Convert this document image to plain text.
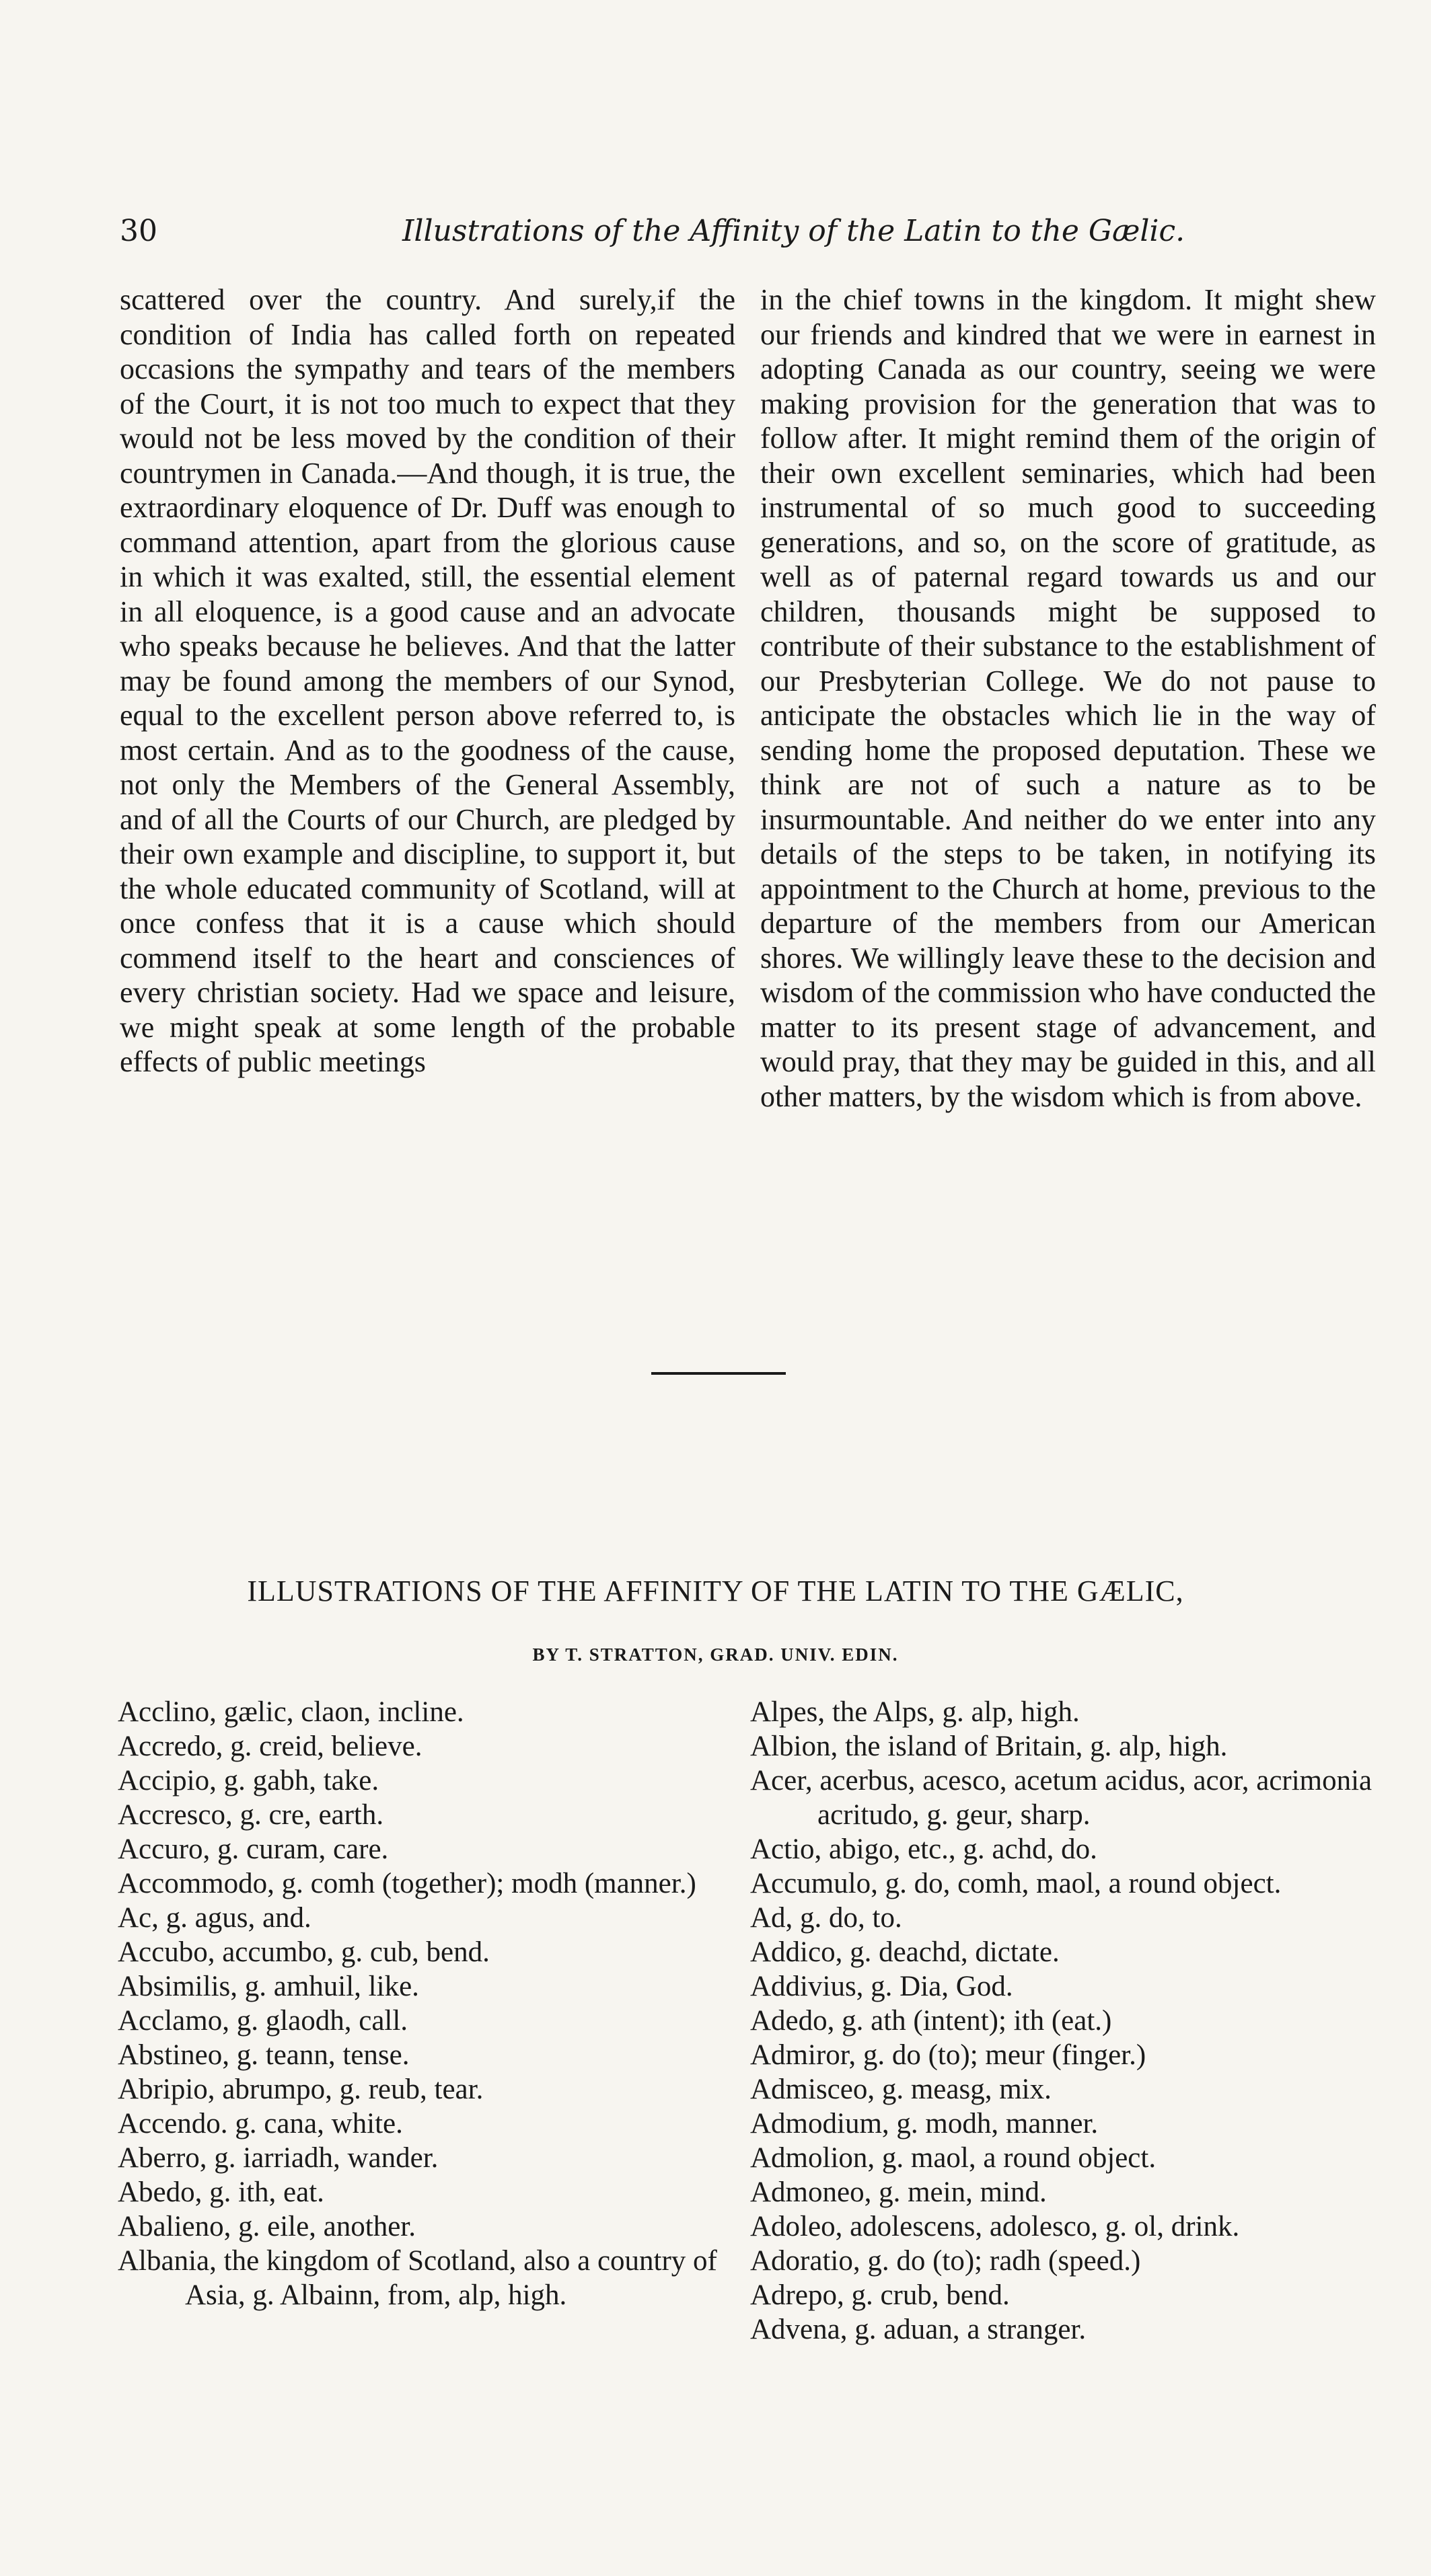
30	Illustrations of the Affinity of the Latin to the Gælic.

scattered over the country. And surely,if the condition of India has called forth on repeated occasions the sympathy and tears of the members of the Court, it is not too much to expect that they would not be less moved by the condition of their countrymen in Canada.—And though, it is true, the extraordinary eloquence of Dr. Duff was enough to command attention, apart from the glorious cause in which it was exalted, still, the essential element in all eloquence, is a good cause and an advocate who speaks because he believes. And that the latter may be found among the members of our Synod, equal to the excellent person above referred to, is most certain. And as to the goodness of the cause, not only the Members of the General Assembly, and of all the Courts of our Church, are pledged by their own example and discipline, to support it, but the whole educated community of Scotland, will at once confess that it is a cause which should commend itself to the heart and consciences of every christian society. Had we space and leisure, we might speak at some length of the probable effects of public meetings

in the chief towns in the kingdom. It might shew our friends and kindred that we were in earnest in adopting Canada as our country, seeing we were making provision for the generation that was to follow after. It might remind them of the origin of their own excellent seminaries, which had been instrumental of so much good to succeeding generations, and so, on the score of gratitude, as well as of paternal regard towards us and our children, thousands might be supposed to contribute of their substance to the establishment of our Presbyterian College. We do not pause to anticipate the obstacles which lie in the way of sending home the proposed deputation. These we think are not of such a nature as to be insurmountable. And neither do we enter into any details of the steps to be taken, in notifying its appointment to the Church at home, previous to the departure of the members from our American shores. We willingly leave these to the decision and wisdom of the commission who have conducted the matter to its present stage of advancement, and would pray, that they may be guided in this, and all other matters, by the wisdom which is from above.

ILLUSTRATIONS OF THE AFFINITY OF THE LATIN TO THE GÆLIC,
BY T. STRATTON, GRAD. UNIV. EDIN.
Acclino, gælic, claon, incline.
Accredo, g. creid, believe.
Accipio, g. gabh, take.
Accresco, g. cre, earth.
Accuro, g. curam, care.
Accommodo, g. comh (together); modh (manner.)
Ac, g. agus, and.
Accubo, accumbo, g. cub, bend.
Absimilis, g. amhuil, like.
Acclamo, g. glaodh, call.
Abstineo, g. teann, tense.
Abripio, abrumpo, g. reub, tear.
Accendo. g. cana, white.
Aberro, g. iarriadh, wander.
Abedo, g. ith, eat.
Abalieno, g. eile, another.
Albania, the kingdom of Scotland, also a country of Asia, g. Albainn, from, alp, high.
Alpes, the Alps, g. alp, high.
Albion, the island of Britain, g. alp, high.
Acer, acerbus, acesco, acetum acidus, acor, acrimonia acritudo, g. geur, sharp.
Actio, abigo, etc., g. achd, do.
Accumulo, g. do, comh, maol, a round object.
Ad, g. do, to.
Addico, g. deachd, dictate.
Addivius, g. Dia, God.
Adedo, g. ath (intent); ith (eat.)
Admiror, g. do (to); meur (finger.)
Admisceo, g. measg, mix.
Admodium, g. modh, manner.
Admolion, g. maol, a round object.
Admoneo, g. mein, mind.
Adoleo, adolescens, adolesco, g. ol, drink.
Adoratio, g. do (to); radh (speed.)
Adrepo, g. crub, bend.
Advena, g. aduan, a stranger.
